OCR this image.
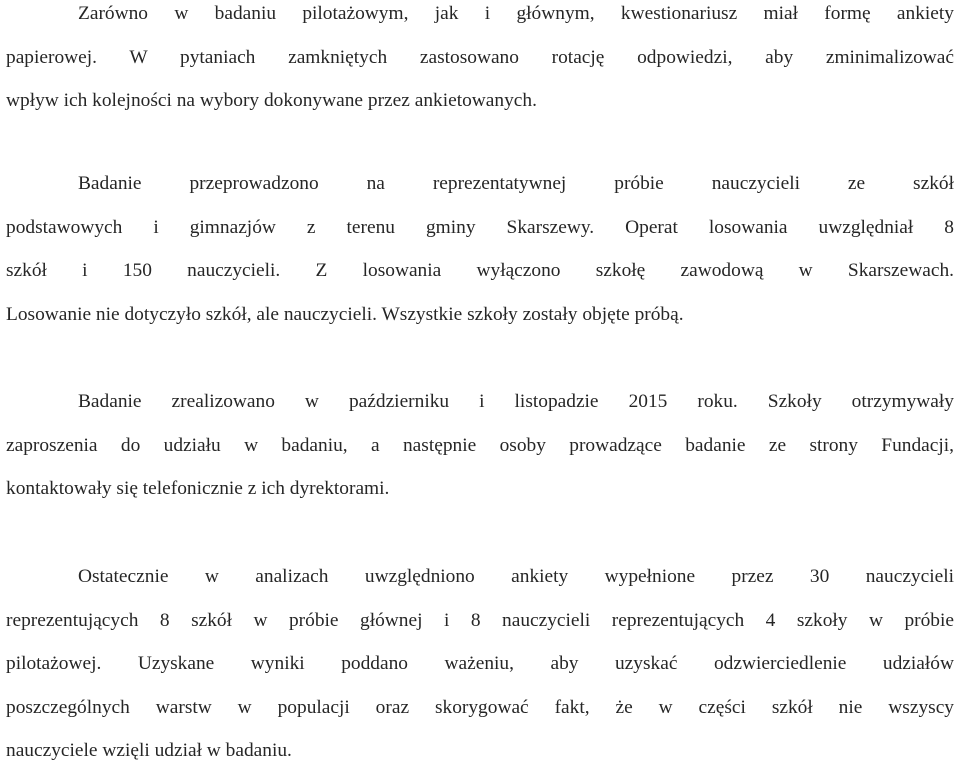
Zarówno w badaniu pilotażowym, jak i głównym, kwestionariusz miał formę ankiety
papierowej. W pytaniach zamkniętych zastosowano rotację odpowiedzi, aby zminimalizować
wpływ ich kolejności na wybory dokonywane przez ankietowanych.
Badanie przeprowadzono na reprezentatywnej próbie nauczycieli ze szkół
podstawowych i gimnazjów z terenu gminy Skarszewy. Operat losowania uwzględniał 8
szkół i 150 nauczycieli. Z losowania wyłączono szkołę zawodową w Skarszewach.
Losowanie nie dotyczyło szkół, ale nauczycieli. Wszystkie szkoły zostały objęte próbą.
Badanie zrealizowano w październiku i listopadzie 2015 roku. Szkoły otrzymywały
zaproszenia do udziału w badaniu, a następnie osoby prowadzące badanie ze strony Fundacji,
kontaktowały się telefonicznie z ich dyrektorami.
Ostatecznie w analizach uwzględniono ankiety wypełnione przez 30 nauczycieli
reprezentujących 8 szkół w próbie głównej i 8 nauczycieli reprezentujących 4 szkoły w próbie
pilotażowej. Uzyskane wyniki poddano ważeniu, aby uzyskać odzwierciedlenie udziałów
poszczególnych warstw w populacji oraz skorygować fakt, że w części szkół nie wszyscy
nauczyciele wzięli udział w badaniu.
